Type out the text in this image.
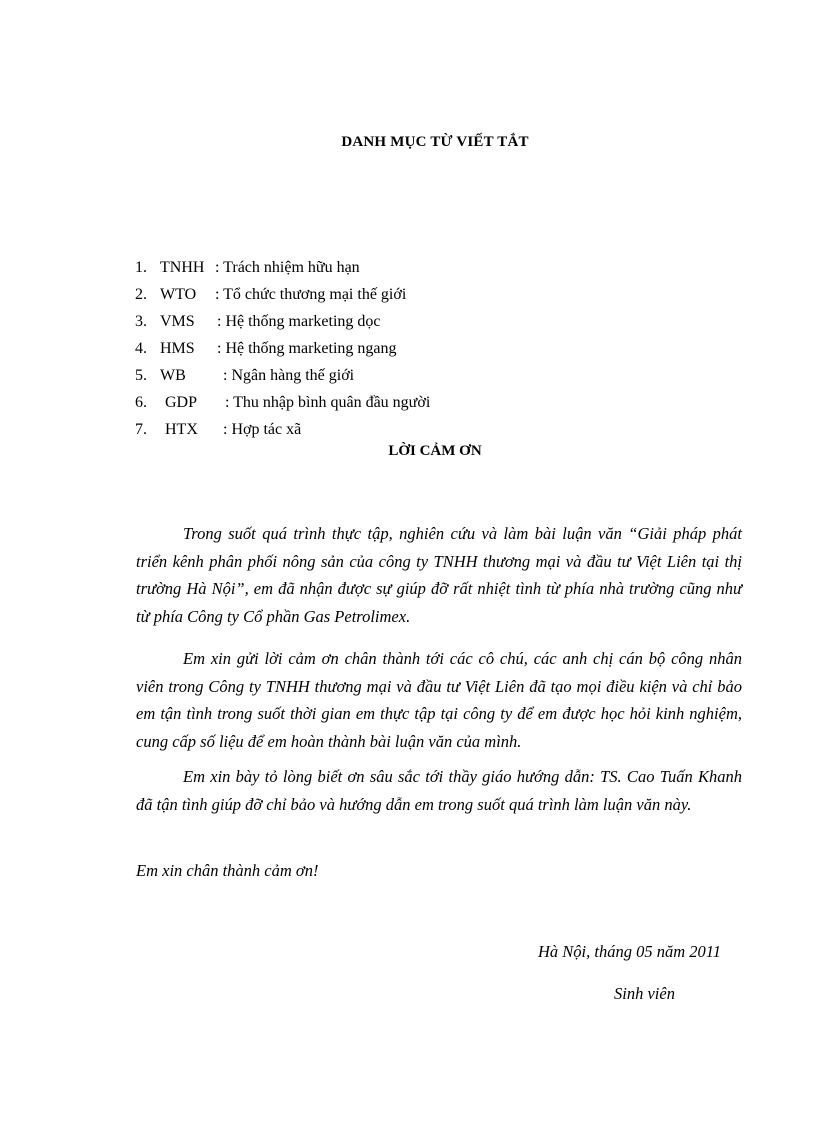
DANH MỤC TỪ VIẾT TẮT
1. TNHH : Trách nhiệm hữu hạn
2. WTO : Tổ chức thương mại thế giới
3. VMS : Hệ thống marketing dọc
4. HMS : Hệ thống marketing ngang
5. WB : Ngân hàng thế giới
6. GDP : Thu nhập bình quân đầu người
7. HTX : Hợp tác xã
LỜI CẢM ƠN

Trong suốt quá trình thực tập, nghiên cứu và làm bài luận văn “Giải pháp phát triển kênh phân phối nông sản của công ty TNHH thương mại và đầu tư Việt Liên tại thị trường Hà Nội”, em đã nhận được sự giúp đỡ rất nhiệt tình từ phía nhà trường cũng như từ phía Công ty Cổ phần Gas Petrolimex.

Em xin gửi lời cảm ơn chân thành tới các cô chú, các anh chị cán bộ công nhân viên trong Công ty TNHH thương mại và đầu tư Việt Liên đã tạo mọi điều kiện và chỉ bảo em tận tình trong suốt thời gian em thực tập tại công ty để em được học hỏi kinh nghiệm, cung cấp số liệu để em hoàn thành bài luận văn của mình.

Em xin bày tỏ lòng biết ơn sâu sắc tới thầy giáo hướng dẫn: TS. Cao Tuấn Khanh đã tận tình giúp đỡ chỉ bảo và hướng dẫn em trong suốt quá trình làm luận văn này.

Em xin chân thành cảm ơn!
Hà Nội, tháng 05 năm 2011
Sinh viên
